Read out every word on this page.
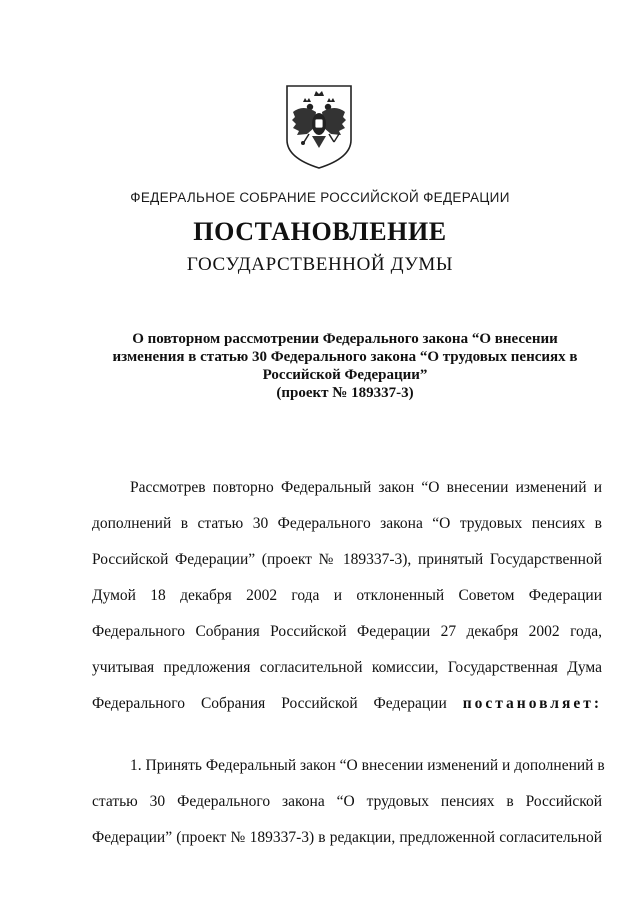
ФЕДЕРАЛЬНОЕ СОБРАНИЕ РОССИЙСКОЙ ФЕДЕРАЦИИ
ПОСТАНОВЛЕНИЕ
ГОСУДАРСТВЕННОЙ ДУМЫ
О повторном рассмотрении Федерального закона “О внесении
изменения в статью 30 Федерального закона “О трудовых пенсиях в
Российской Федерации”
(проект № 189337-3)
Рассмотрев повторно Федеральный закон “О внесении изменений и
дополнений в статью 30 Федерального закона “О трудовых пенсиях в
Российской Федерации” (проект № 189337-3), принятый Государственной
Думой 18 декабря 2002 года и отклоненный Советом Федерации
Федерального Собрания Российской Федерации 27 декабря 2002 года,
учитывая предложения согласительной комиссии, Государственная Дума
Федерального Собрания Российской Федерации постановляет:
1. Принять Федеральный закон “О внесении изменений и дополнений в
статью 30 Федерального закона “О трудовых пенсиях в Российской
Федерации” (проект № 189337-3) в редакции, предложенной согласительной
